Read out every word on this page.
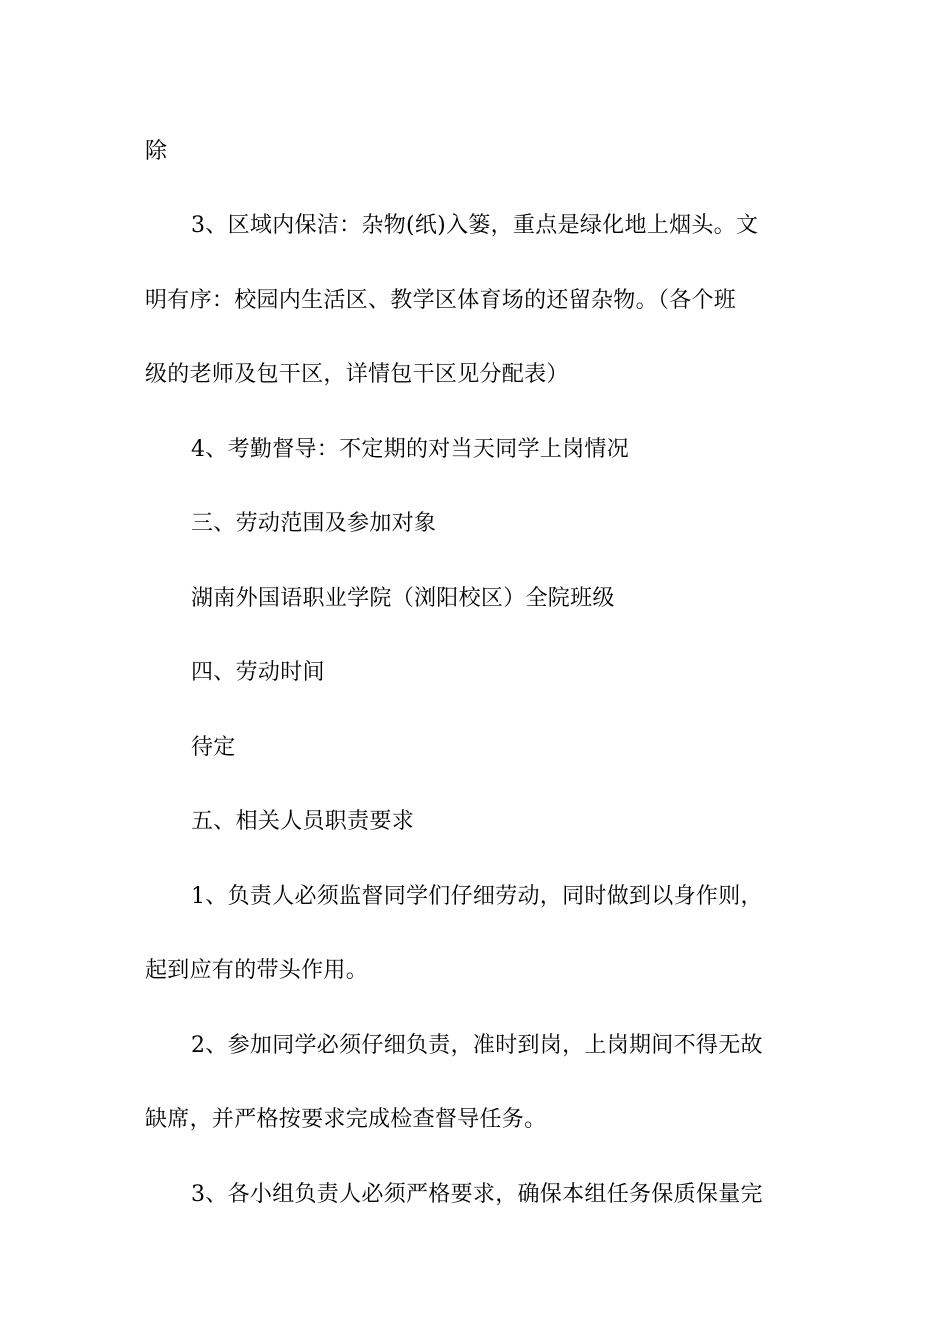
除
3、区域内保洁：杂物(纸)入篓，重点是绿化地上烟头。文
明有序：校园内生活区、教学区体育场的还留杂物。（各个班
级的老师及包干区，详情包干区见分配表）
4、考勤督导：不定期的对当天同学上岗情况
三、劳动范围及参加对象
湖南外国语职业学院（浏阳校区）全院班级
四、劳动时间
待定
五、相关人员职责要求
1、负责人必须监督同学们仔细劳动，同时做到以身作则，
起到应有的带头作用。
2、参加同学必须仔细负责，准时到岗，上岗期间不得无故
缺席，并严格按要求完成检查督导任务。
3、各小组负责人必须严格要求，确保本组任务保质保量完
